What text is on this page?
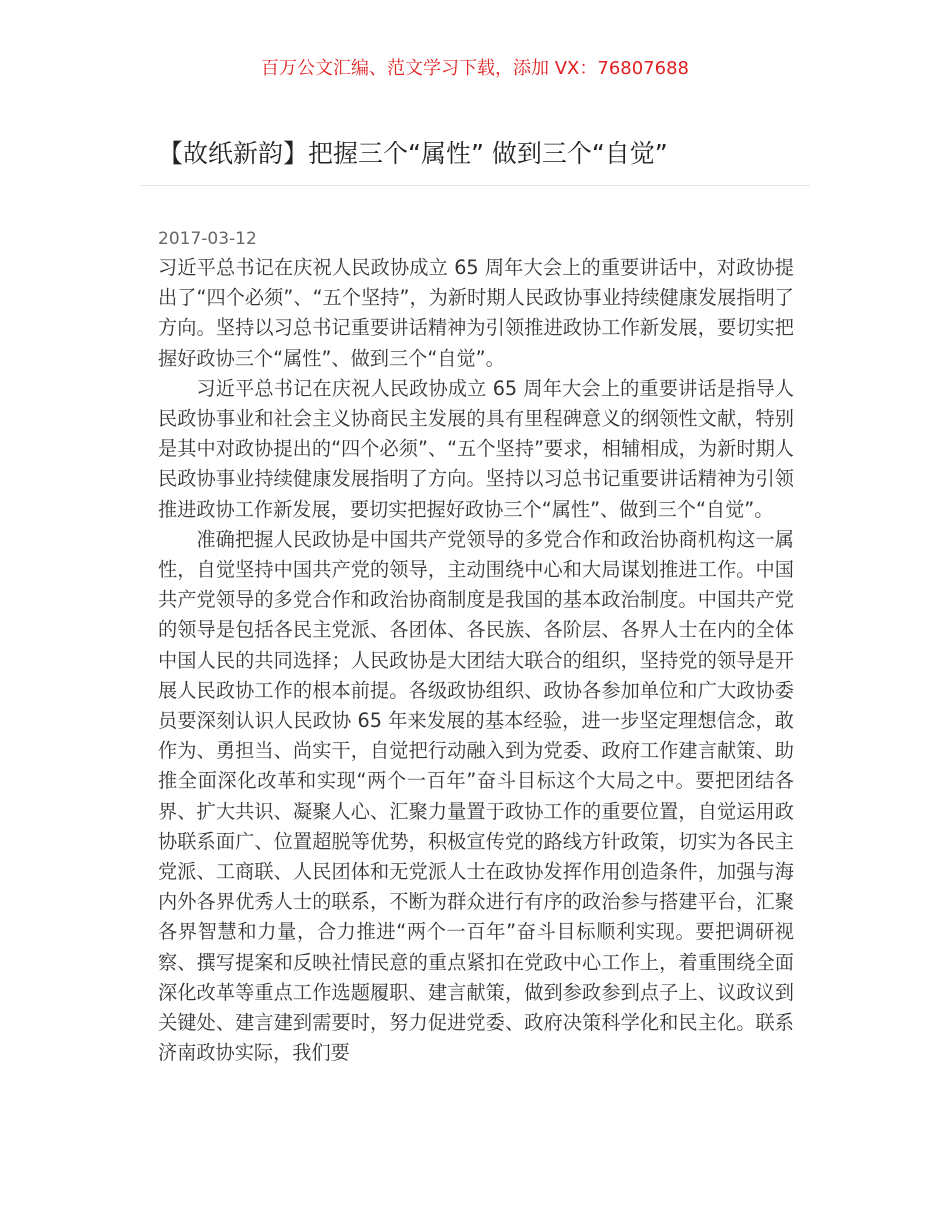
百万公文汇编、范文学习下载，添加 VX：76807688
【故纸新韵】把握三个“属性” 做到三个“自觉”
2017-03-12

习近平总书记在庆祝人民政协成立 65 周年大会上的重要讲话中，对政协提出了“四个必须”、“五个坚持”，为新时期人民政协事业持续健康发展指明了方向。坚持以习总书记重要讲话精神为引领推进政协工作新发展，要切实把握好政协三个“属性”、做到三个“自觉”。

习近平总书记在庆祝人民政协成立 65 周年大会上的重要讲话是指导人民政协事业和社会主义协商民主发展的具有里程碑意义的纲领性文献，特别是其中对政协提出的“四个必须”、“五个坚持”要求，相辅相成，为新时期人民政协事业持续健康发展指明了方向。坚持以习总书记重要讲话精神为引领推进政协工作新发展，要切实把握好政协三个“属性”、做到三个“自觉”。

准确把握人民政协是中国共产党领导的多党合作和政治协商机构这一属性，自觉坚持中国共产党的领导，主动围绕中心和大局谋划推进工作。中国共产党领导的多党合作和政治协商制度是我国的基本政治制度。中国共产党的领导是包括各民主党派、各团体、各民族、各阶层、各界人士在内的全体中国人民的共同选择；人民政协是大团结大联合的组织，坚持党的领导是开展人民政协工作的根本前提。各级政协组织、政协各参加单位和广大政协委员要深刻认识人民政协 65 年来发展的基本经验，进一步坚定理想信念，敢作为、勇担当、尚实干，自觉把行动融入到为党委、政府工作建言献策、助推全面深化改革和实现“两个一百年”奋斗目标这个大局之中。要把团结各界、扩大共识、凝聚人心、汇聚力量置于政协工作的重要位置，自觉运用政协联系面广、位置超脱等优势，积极宣传党的路线方针政策，切实为各民主党派、工商联、人民团体和无党派人士在政协发挥作用创造条件，加强与海内外各界优秀人士的联系，不断为群众进行有序的政治参与搭建平台，汇聚各界智慧和力量，合力推进“两个一百年”奋斗目标顺利实现。要把调研视察、撰写提案和反映社情民意的重点紧扣在党政中心工作上，着重围绕全面深化改革等重点工作选题履职、建言献策，做到参政参到点子上、议政议到关键处、建言建到需要时，努力促进党委、政府决策科学化和民主化。联系济南政协实际，我们要
